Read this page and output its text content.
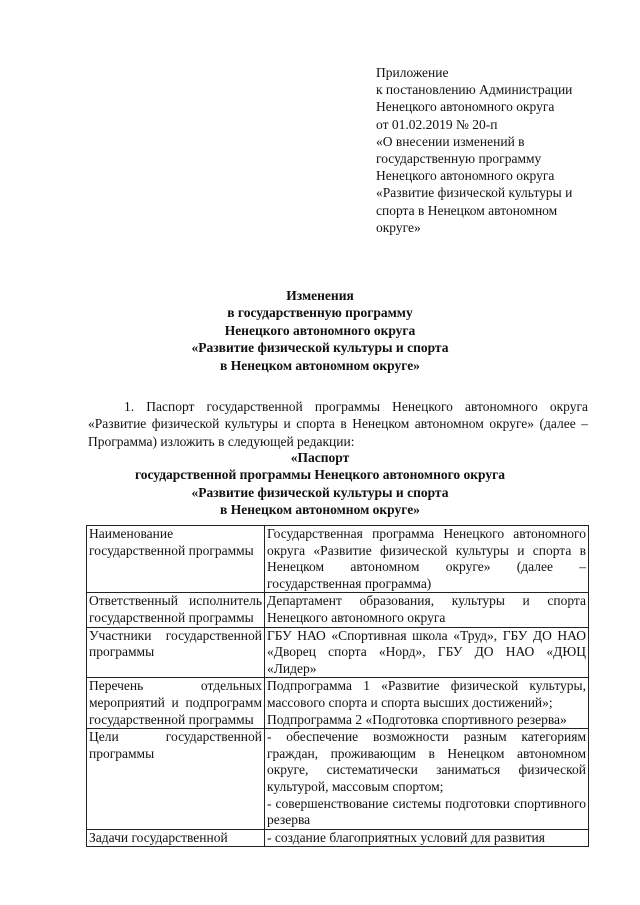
Приложение
к постановлению Администрации
Ненецкого автономного округа
от 01.02.2019 № 20-п
«О внесении изменений в
государственную программу
Ненецкого автономного округа
«Развитие физической культуры и
спорта в Ненецком автономном
округе»
Изменения
в государственную программу
Ненецкого автономного округа
«Развитие физической культуры и спорта
в Ненецком автономном округе»

1. Паспорт государственной программы Ненецкого автономного округа «Развитие физической культуры и спорта в Ненецком автономном округе» (далее – Программа) изложить в следующей редакции:

«Паспорт
государственной программы Ненецкого автономного округа
«Развитие физической культуры и спорта
в Ненецком автономном округе»
Наименование государственной программы	Государственная программа Ненецкого автономного округа «Развитие физической культуры и спорта в Ненецком автономном округе» (далее – государственная программа)

Ответственный исполнитель государственной программы	Департамент образования, культуры и спорта Ненецкого автономного округа

Участники государственной программы	ГБУ НАО «Спортивная школа «Труд», ГБУ ДО НАО «Дворец спорта «Норд», ГБУ ДО НАО «ДЮЦ «Лидер»

Перечень отдельных мероприятий и подпрограмм государственной программы	Подпрограмма 1 «Развитие физической культуры, массового спорта и спорта высших достижений»;
Подпрограмма 2 «Подготовка спортивного резерва»

Цели государственной программы	- обеспечение возможности разным категориям граждан, проживающим в Ненецком автономном округе, систематически заниматься физической культурой, массовым спортом;
- совершенствование системы подготовки спортивного резерва

Задачи государственной	- создание благоприятных условий для развития
